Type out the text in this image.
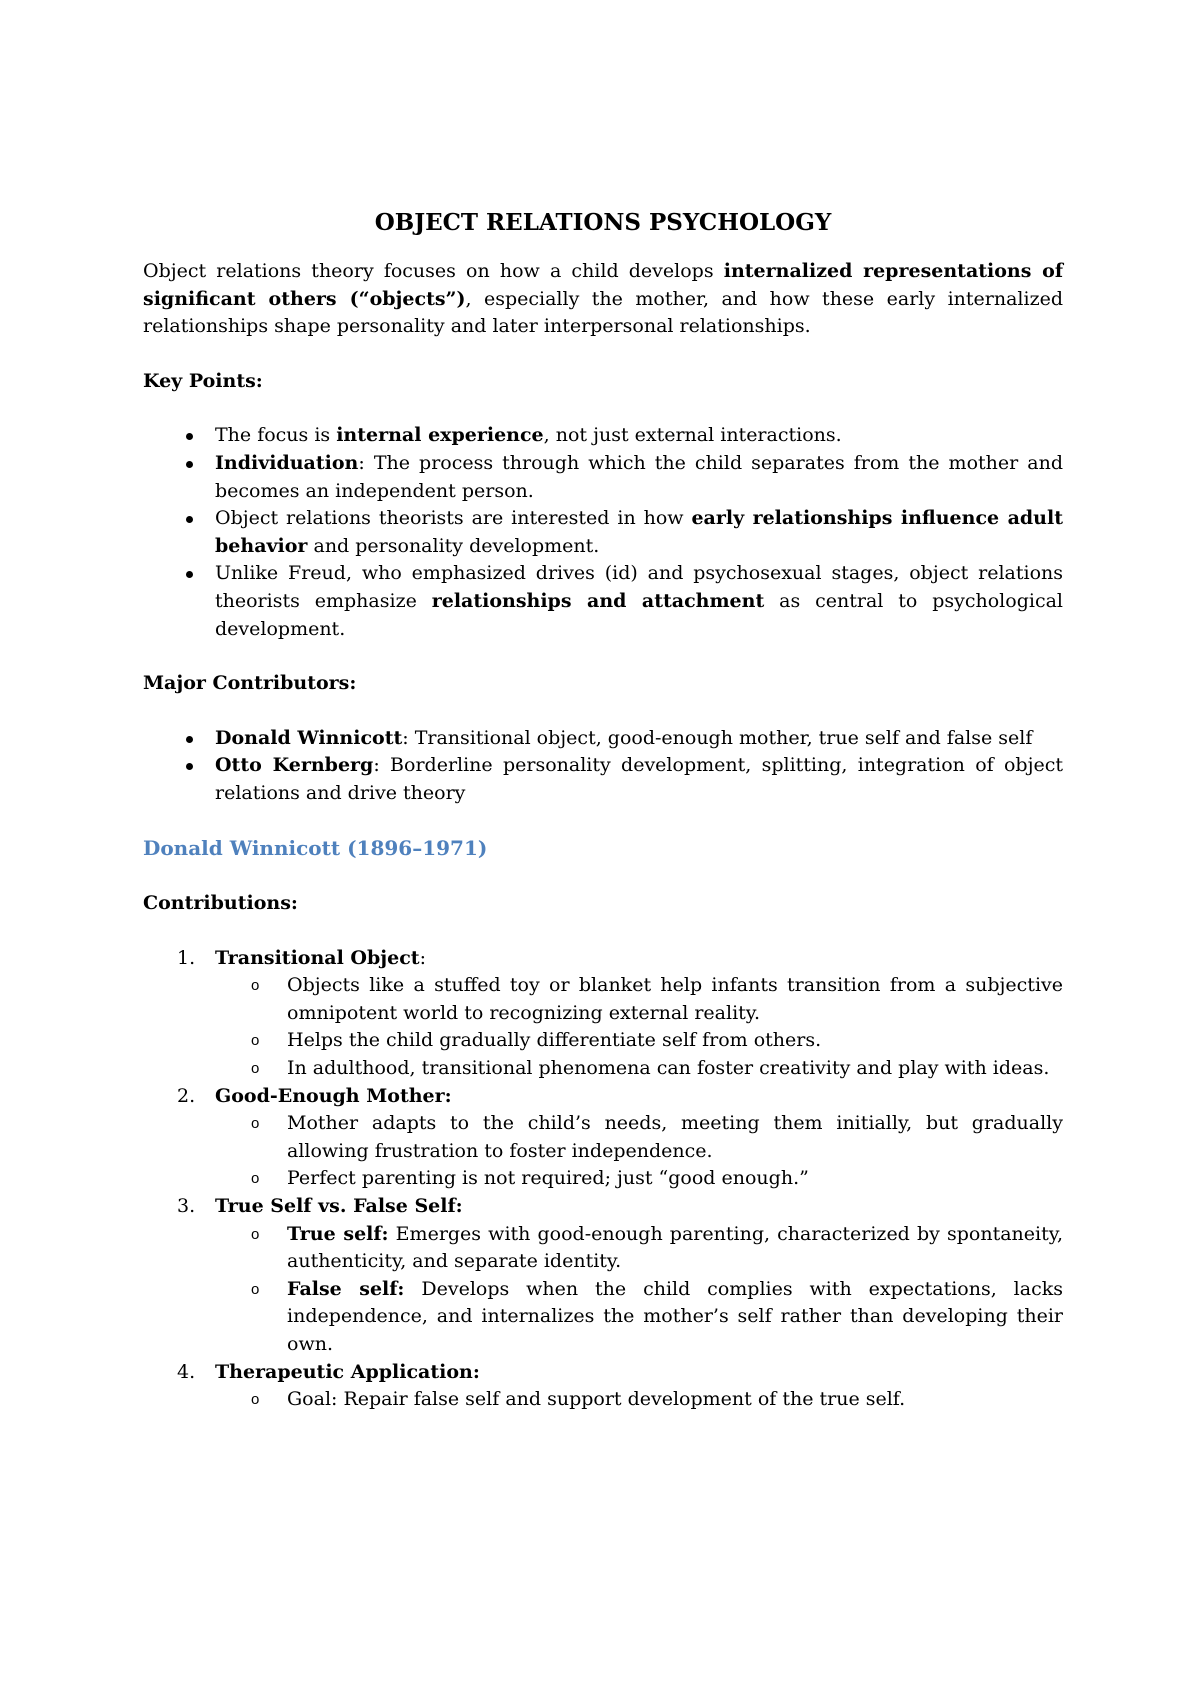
OBJECT RELATIONS PSYCHOLOGY

Object relations theory focuses on how a child develops internalized representations of significant others (“objects”), especially the mother, and how these early internalized relationships shape personality and later interpersonal relationships.

Key Points:

The focus is internal experience, not just external interactions.
Individuation: The process through which the child separates from the mother and becomes an independent person.
Object relations theorists are interested in how early relationships influence adult behavior and personality development.
Unlike Freud, who emphasized drives (id) and psychosexual stages, object relations theorists emphasize relationships and attachment as central to psychological development.

Major Contributors:

Donald Winnicott: Transitional object, good-enough mother, true self and false self
Otto Kernberg: Borderline personality development, splitting, integration of object relations and drive theory

Donald Winnicott (1896–1971)

Contributions:

1. Transitional Object:
o Objects like a stuffed toy or blanket help infants transition from a subjective omnipotent world to recognizing external reality.
o Helps the child gradually differentiate self from others.
o In adulthood, transitional phenomena can foster creativity and play with ideas.
2. Good-Enough Mother:
o Mother adapts to the child’s needs, meeting them initially, but gradually allowing frustration to foster independence.
o Perfect parenting is not required; just “good enough.”
3. True Self vs. False Self:
o True self: Emerges with good-enough parenting, characterized by spontaneity, authenticity, and separate identity.
o False self: Develops when the child complies with expectations, lacks independence, and internalizes the mother’s self rather than developing their own.
4. Therapeutic Application:
o Goal: Repair false self and support development of the true self.
